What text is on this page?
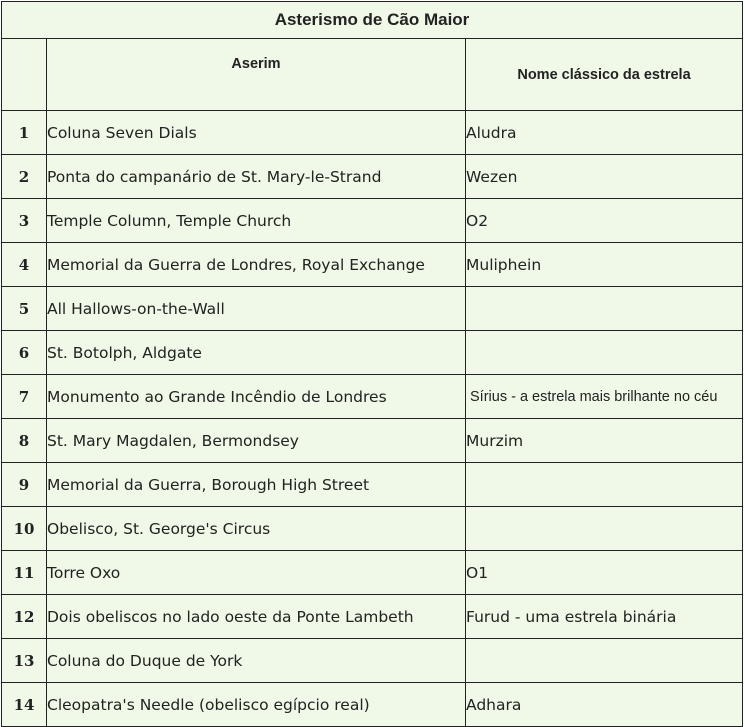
Asterismo de Cão Maior		
	Aserim	Nome clássico da estrela
1	Coluna Seven Dials	Aludra
2	Ponta do campanário de St. Mary-le-Strand	Wezen
3	Temple Column, Temple Church	O2
4	Memorial da Guerra de Londres, Royal Exchange	Muliphein
5	All Hallows-on-the-Wall	
6	St. Botolph, Aldgate	
7	Monumento ao Grande Incêndio de Londres	Sírius - a estrela mais brilhante no céu
8	St. Mary Magdalen, Bermondsey	Murzim
9	Memorial da Guerra, Borough High Street	
10	Obelisco, St. George's Circus	
11	Torre Oxo	O1
12	Dois obeliscos no lado oeste da Ponte Lambeth	Furud - uma estrela binária
13	Coluna do Duque de York	
14	Cleopatra's Needle (obelisco egípcio real)	Adhara
